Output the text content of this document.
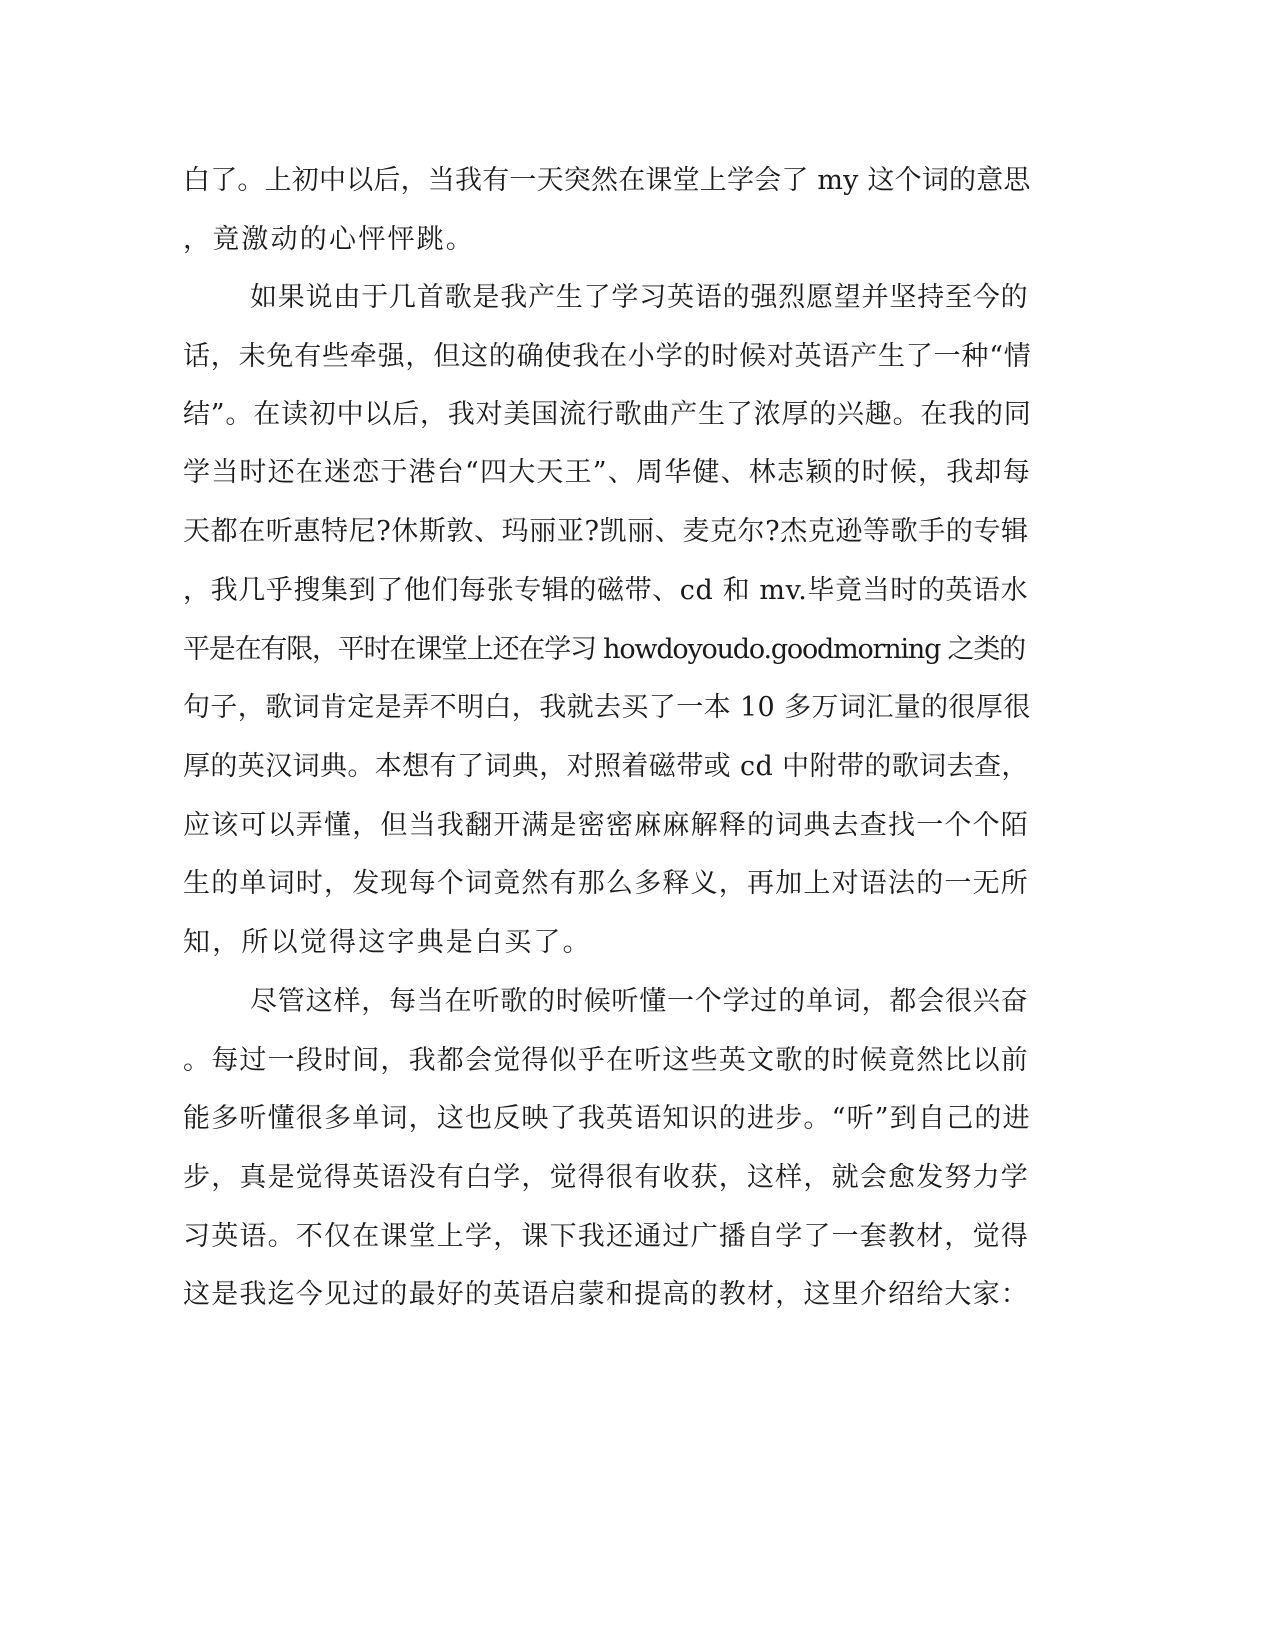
白了。上初中以后，当我有一天突然在课堂上学会了 my 这个词的意思
，竟激动的心怦怦跳。
如果说由于几首歌是我产生了学习英语的强烈愿望并坚持至今的
话，未免有些牵强，但这的确使我在小学的时候对英语产生了一种“情
结”。在读初中以后，我对美国流行歌曲产生了浓厚的兴趣。在我的同
学当时还在迷恋于港台“四大天王”、周华健、林志颖的时候，我却每
天都在听惠特尼?休斯敦、玛丽亚?凯丽、麦克尔?杰克逊等歌手的专辑
，我几乎搜集到了他们每张专辑的磁带、cd 和 mv.毕竟当时的英语水
平是在有限，平时在课堂上还在学习 howdoyoudo.goodmorning 之类的
句子，歌词肯定是弄不明白，我就去买了一本 10 多万词汇量的很厚很
厚的英汉词典。本想有了词典，对照着磁带或 cd 中附带的歌词去查，
应该可以弄懂，但当我翻开满是密密麻麻解释的词典去查找一个个陌
生的单词时，发现每个词竟然有那么多释义，再加上对语法的一无所
知，所以觉得这字典是白买了。
尽管这样，每当在听歌的时候听懂一个学过的单词，都会很兴奋
。每过一段时间，我都会觉得似乎在听这些英文歌的时候竟然比以前
能多听懂很多单词，这也反映了我英语知识的进步。“听”到自己的进
步，真是觉得英语没有白学，觉得很有收获，这样，就会愈发努力学
习英语。不仅在课堂上学，课下我还通过广播自学了一套教材，觉得
这是我迄今见过的最好的英语启蒙和提高的教材，这里介绍给大家：
